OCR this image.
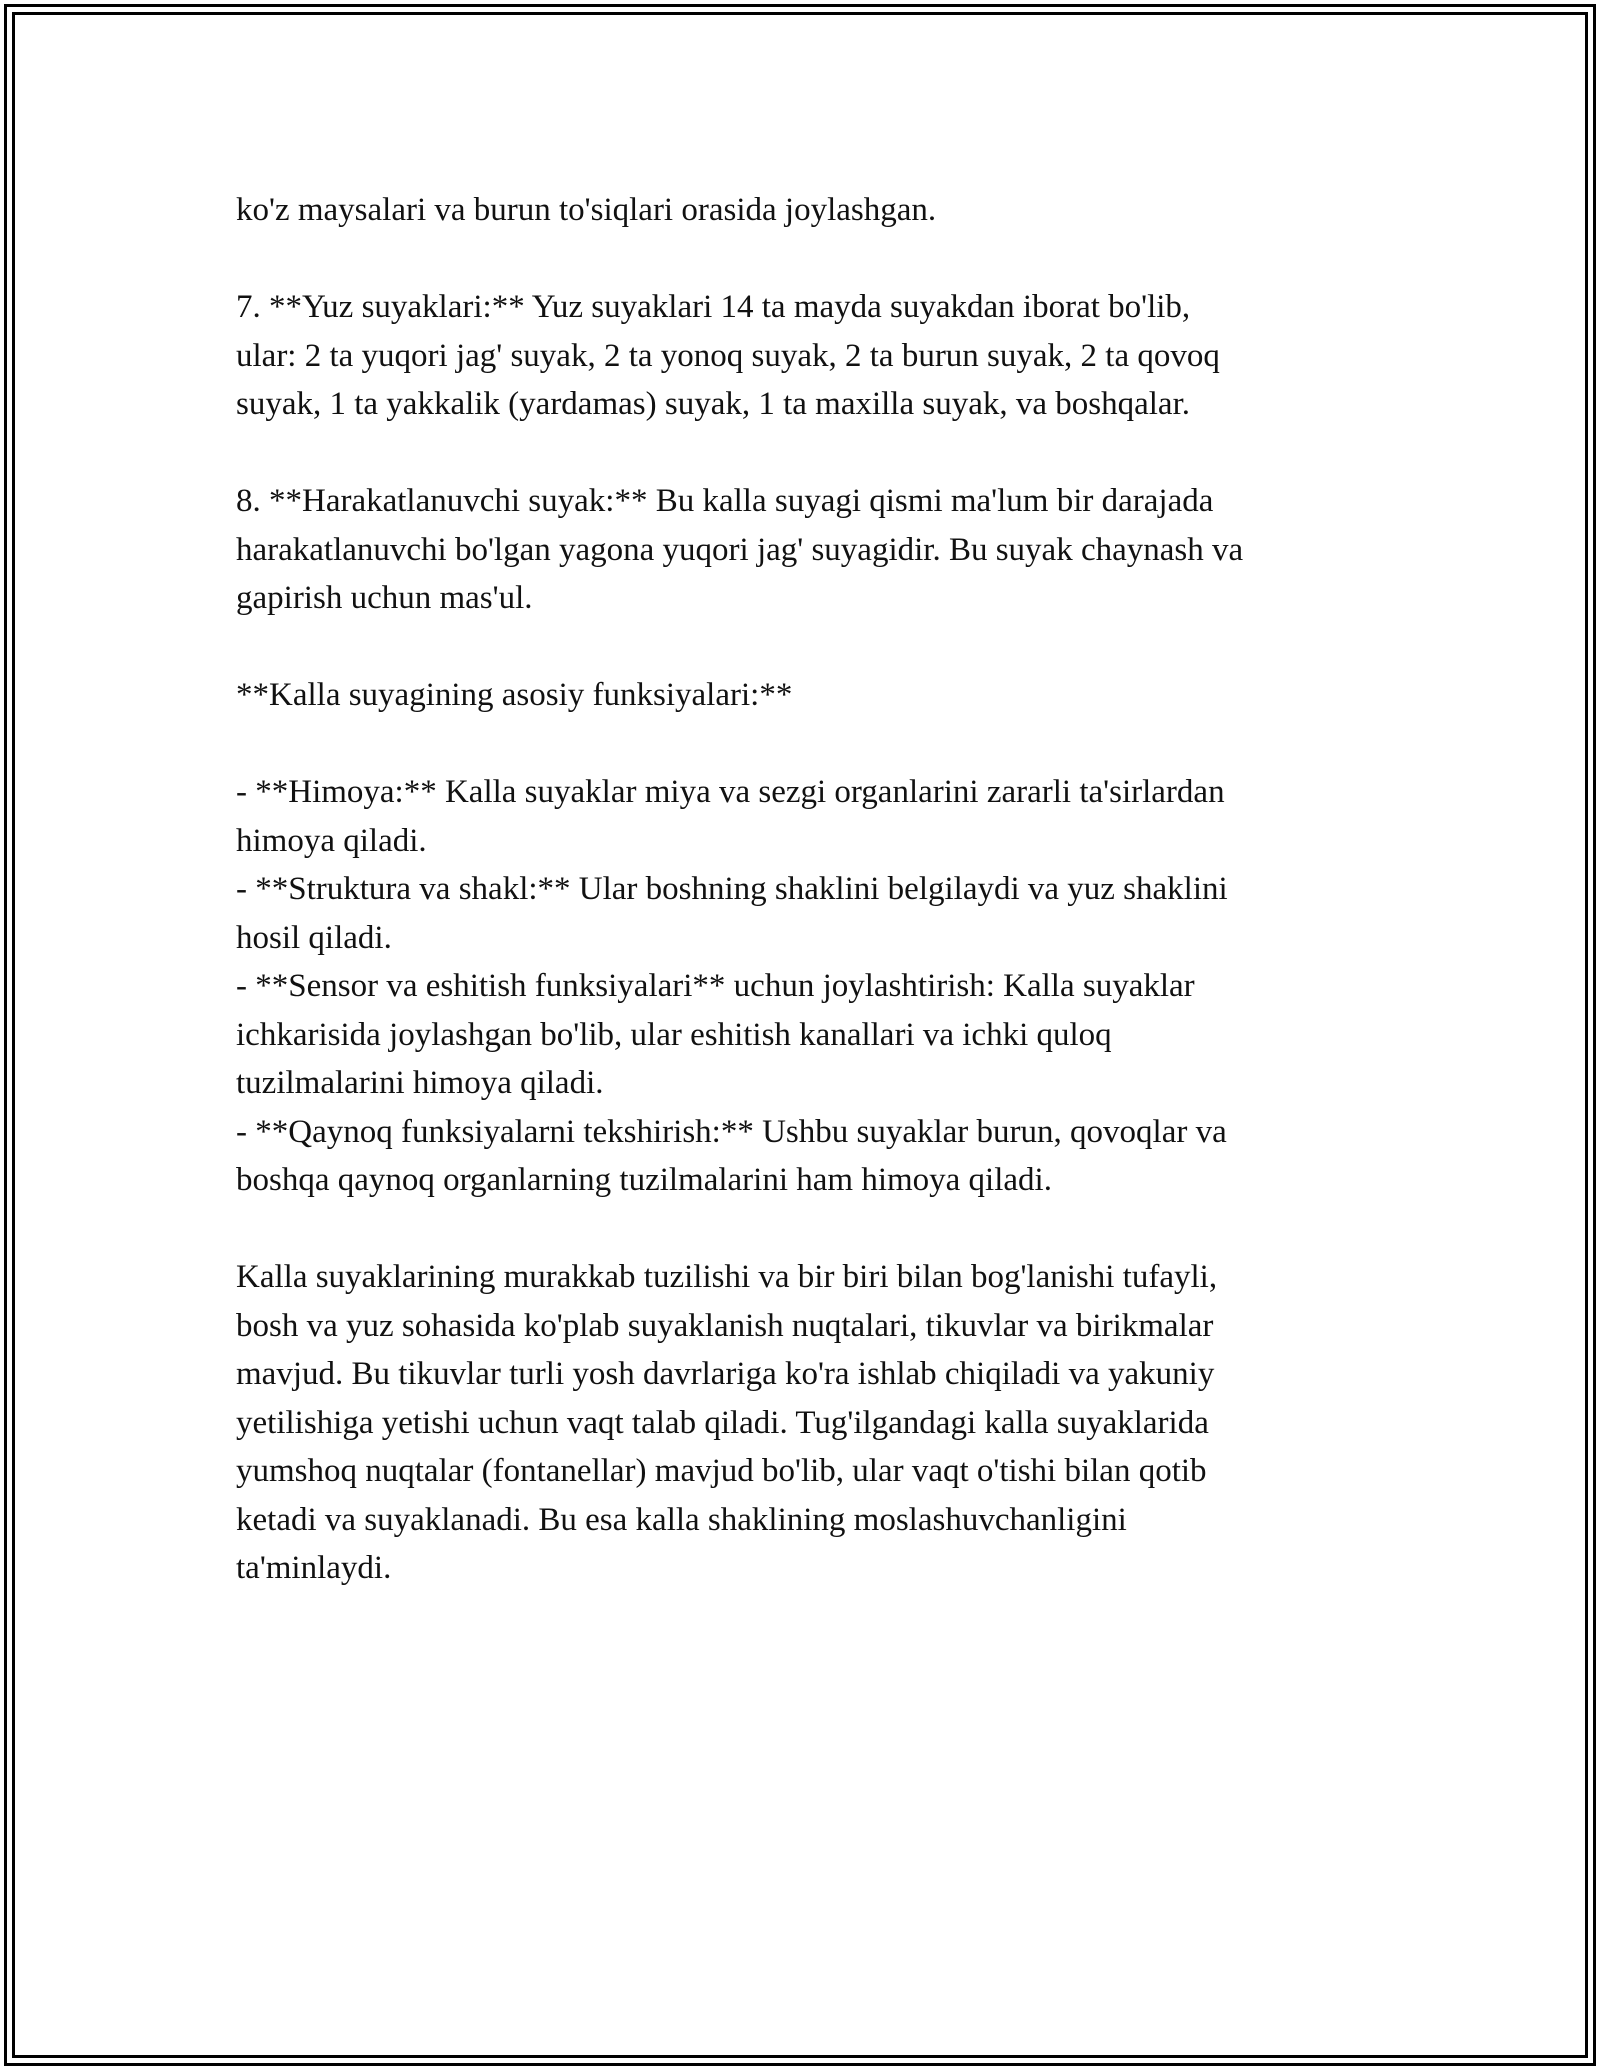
ko'z maysalari va burun to'siqlari orasida joylashgan.
7. **Yuz suyaklari:** Yuz suyaklari 14 ta mayda suyakdan iborat bo'lib,
ular: 2 ta yuqori jag' suyak, 2 ta yonoq suyak, 2 ta burun suyak, 2 ta qovoq
suyak, 1 ta yakkalik (yardamas) suyak, 1 ta maxilla suyak, va boshqalar.
8. **Harakatlanuvchi suyak:** Bu kalla suyagi qismi ma'lum bir darajada
harakatlanuvchi bo'lgan yagona yuqori jag' suyagidir. Bu suyak chaynash va
gapirish uchun mas'ul.
**Kalla suyagining asosiy funksiyalari:**
- **Himoya:** Kalla suyaklar miya va sezgi organlarini zararli ta'sirlardan
himoya qiladi.
- **Struktura va shakl:** Ular boshning shaklini belgilaydi va yuz shaklini
hosil qiladi.
- **Sensor va eshitish funksiyalari** uchun joylashtirish: Kalla suyaklar
ichkarisida joylashgan bo'lib, ular eshitish kanallari va ichki quloq
tuzilmalarini himoya qiladi.
- **Qaynoq funksiyalarni tekshirish:** Ushbu suyaklar burun, qovoqlar va
boshqa qaynoq organlarning tuzilmalarini ham himoya qiladi.
Kalla suyaklarining murakkab tuzilishi va bir biri bilan bog'lanishi tufayli,
bosh va yuz sohasida ko'plab suyaklanish nuqtalari, tikuvlar va birikmalar
mavjud. Bu tikuvlar turli yosh davrlariga ko'ra ishlab chiqiladi va yakuniy
yetilishiga yetishi uchun vaqt talab qiladi. Tug'ilgandagi kalla suyaklarida
yumshoq nuqtalar (fontanellar) mavjud bo'lib, ular vaqt o'tishi bilan qotib
ketadi va suyaklanadi. Bu esa kalla shaklining moslashuvchanligini
ta'minlaydi.
